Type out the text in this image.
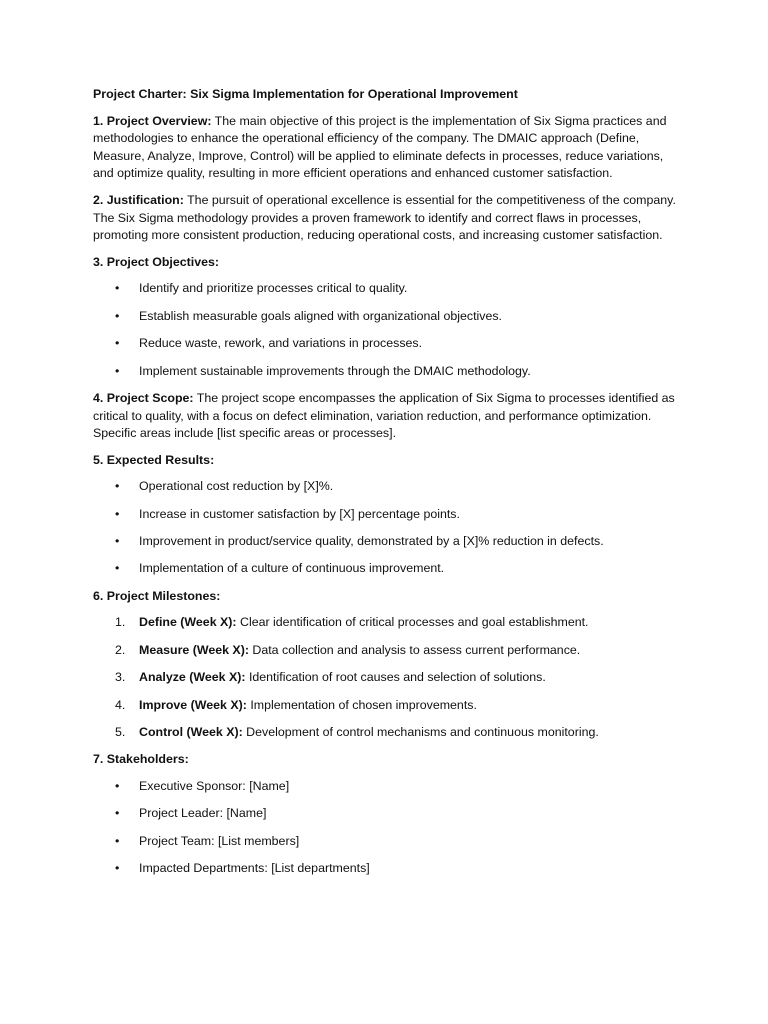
Project Charter: Six Sigma Implementation for Operational Improvement

1. Project Overview: The main objective of this project is the implementation of Six Sigma practices and methodologies to enhance the operational efficiency of the company. The DMAIC approach (Define, Measure, Analyze, Improve, Control) will be applied to eliminate defects in processes, reduce variations, and optimize quality, resulting in more efficient operations and enhanced customer satisfaction.

2. Justification: The pursuit of operational excellence is essential for the competitiveness of the company. The Six Sigma methodology provides a proven framework to identify and correct flaws in processes, promoting more consistent production, reducing operational costs, and increasing customer satisfaction.

3. Project Objectives:
• Identify and prioritize processes critical to quality.
• Establish measurable goals aligned with organizational objectives.
• Reduce waste, rework, and variations in processes.
• Implement sustainable improvements through the DMAIC methodology.

4. Project Scope: The project scope encompasses the application of Six Sigma to processes identified as critical to quality, with a focus on defect elimination, variation reduction, and performance optimization. Specific areas include [list specific areas or processes].

5. Expected Results:
• Operational cost reduction by [X]%.
• Increase in customer satisfaction by [X] percentage points.
• Improvement in product/service quality, demonstrated by a [X]% reduction in defects.
• Implementation of a culture of continuous improvement.
6. Project Milestones:
1. Define (Week X): Clear identification of critical processes and goal establishment.
2. Measure (Week X): Data collection and analysis to assess current performance.
3. Analyze (Week X): Identification of root causes and selection of solutions.
4. Improve (Week X): Implementation of chosen improvements.
5. Control (Week X): Development of control mechanisms and continuous monitoring.
7. Stakeholders:
• Executive Sponsor: [Name]
• Project Leader: [Name]
• Project Team: [List members]
• Impacted Departments: [List departments]
